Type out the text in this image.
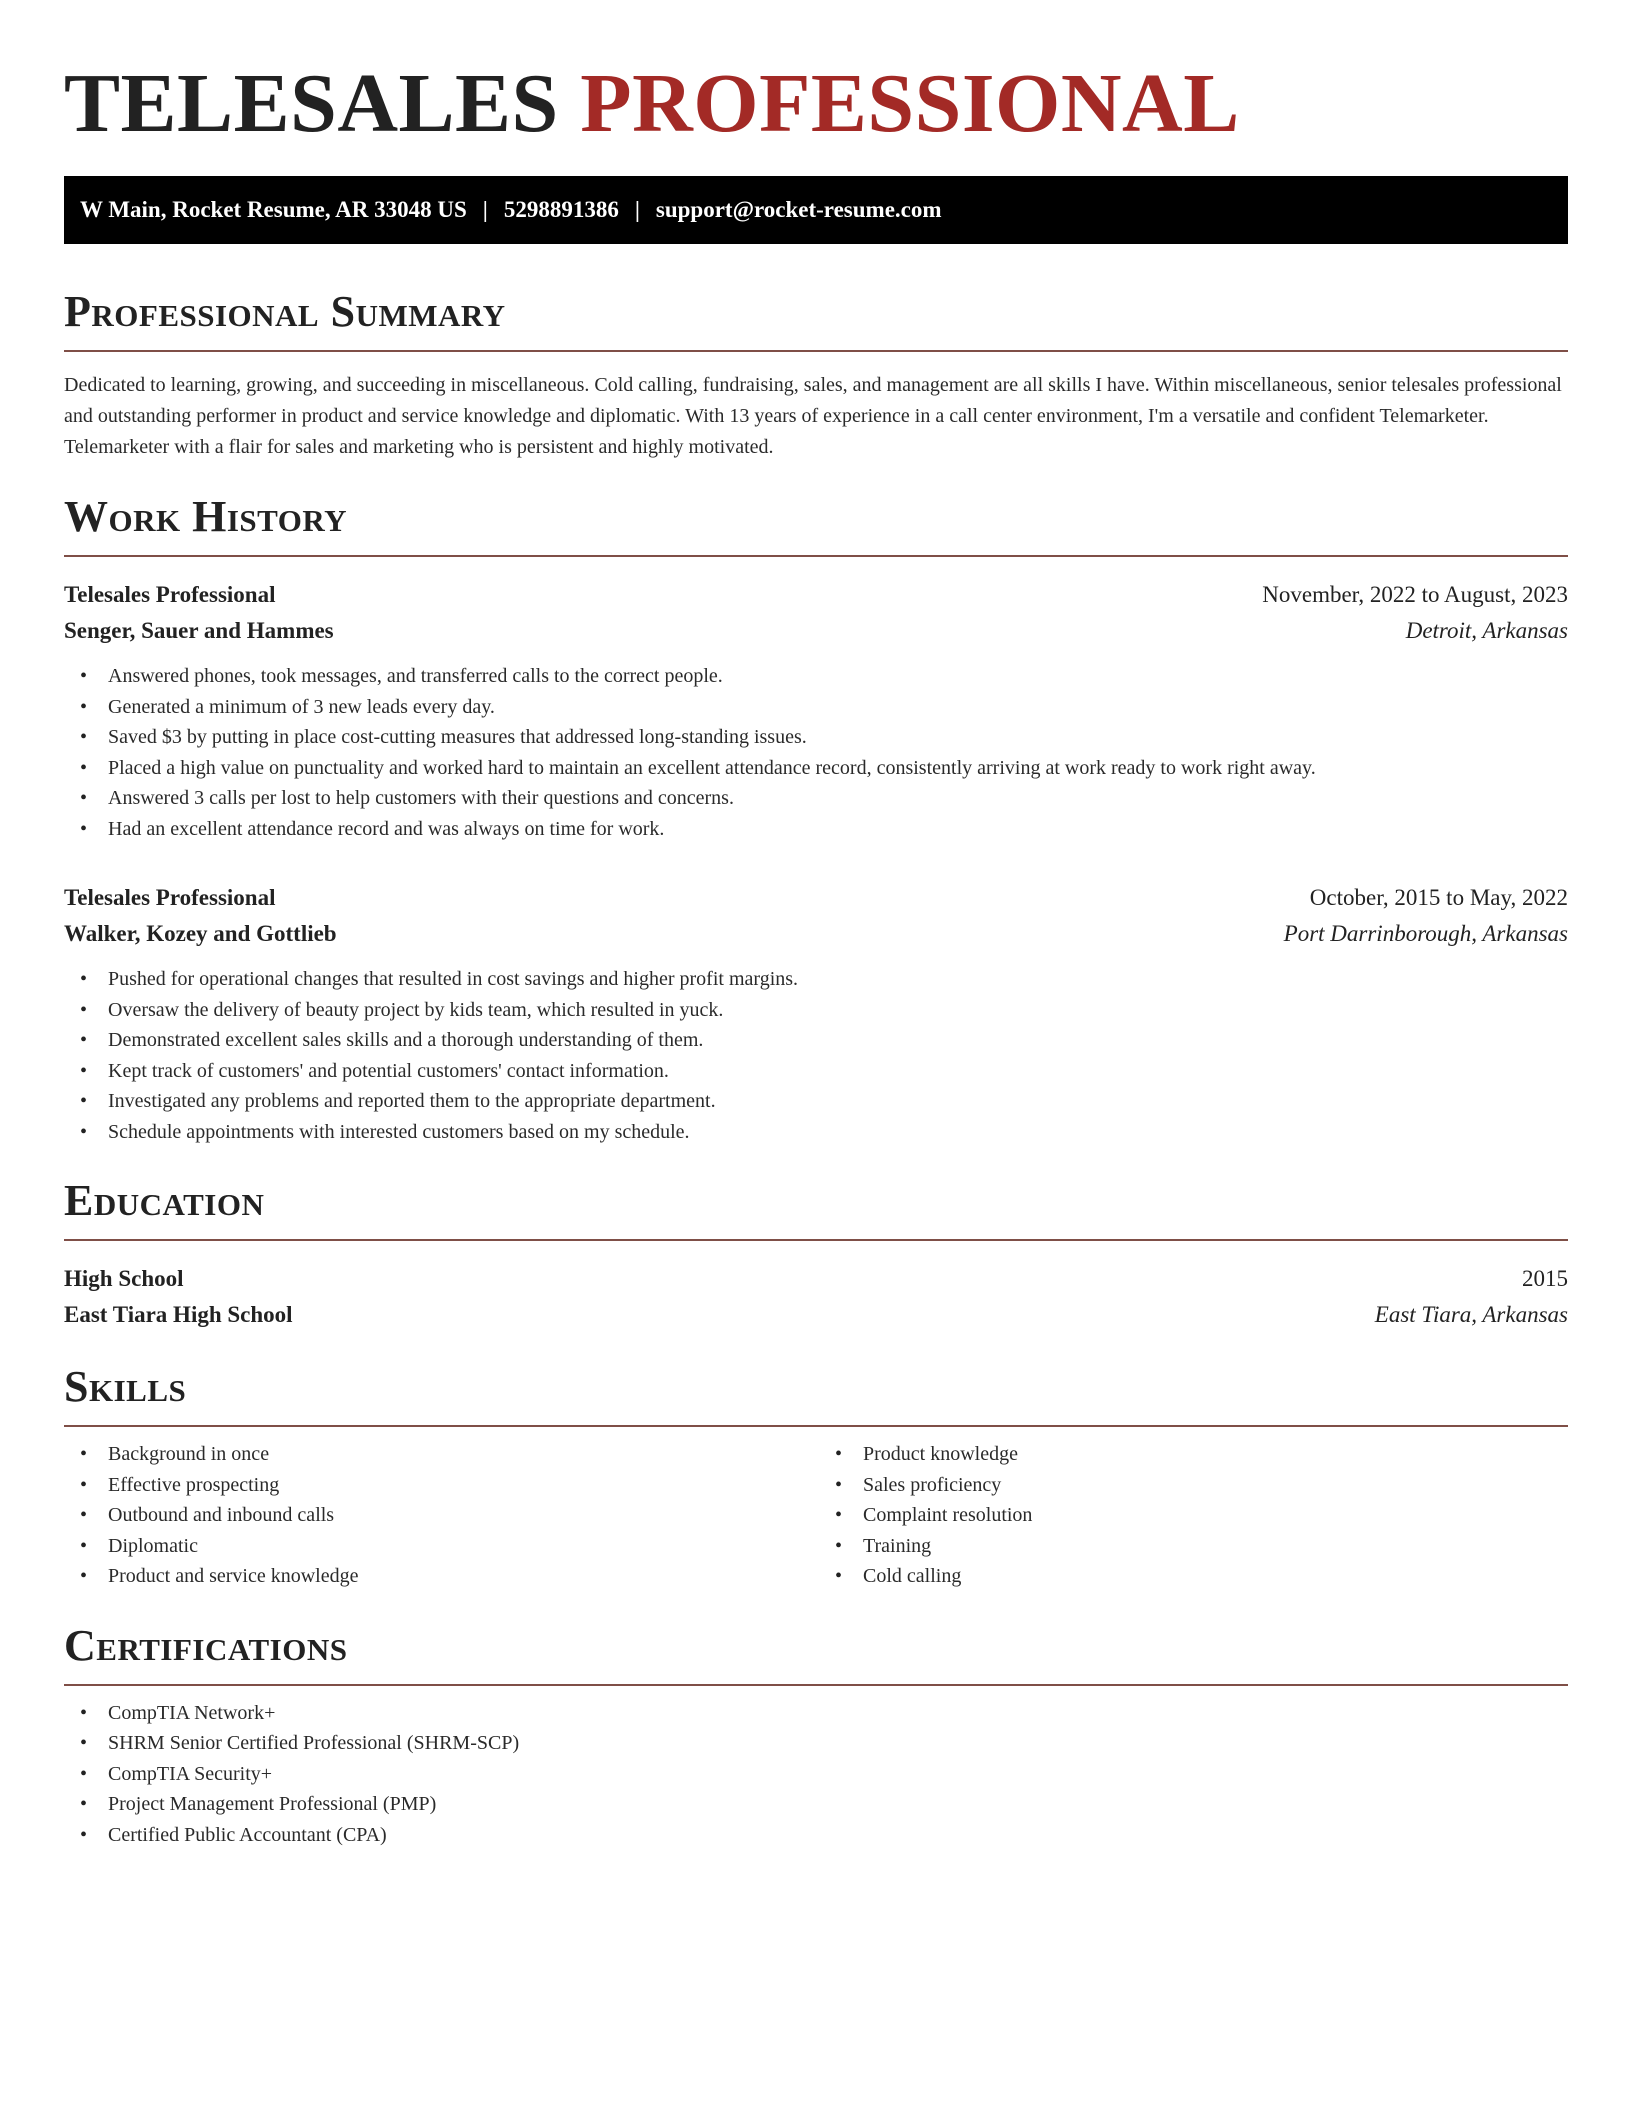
TELESALES PROFESSIONAL
W Main, Rocket Resume, AR 33048 US | 5298891386 | support@rocket-resume.com
Professional Summary

Dedicated to learning, growing, and succeeding in miscellaneous. Cold calling, fundraising, sales, and management are all skills I have. Within miscellaneous, senior telesales professional and outstanding performer in product and service knowledge and diplomatic. With 13 years of experience in a call center environment, I'm a versatile and confident Telemarketer. Telemarketer with a flair for sales and marketing who is persistent and highly motivated.

Work History
Telesales Professional	November, 2022 to August, 2023
Senger, Sauer and Hammes	Detroit, Arkansas
• Answered phones, took messages, and transferred calls to the correct people.
• Generated a minimum of 3 new leads every day.
• Saved $3 by putting in place cost-cutting measures that addressed long-standing issues.
• Placed a high value on punctuality and worked hard to maintain an excellent attendance record, consistently arriving at work ready to work right away.
• Answered 3 calls per lost to help customers with their questions and concerns.
• Had an excellent attendance record and was always on time for work.
Telesales Professional	October, 2015 to May, 2022
Walker, Kozey and Gottlieb	Port Darrinborough, Arkansas
• Pushed for operational changes that resulted in cost savings and higher profit margins.
• Oversaw the delivery of beauty project by kids team, which resulted in yuck.
• Demonstrated excellent sales skills and a thorough understanding of them.
• Kept track of customers' and potential customers' contact information.
• Investigated any problems and reported them to the appropriate department.
• Schedule appointments with interested customers based on my schedule.
Education
High School	2015
East Tiara High School	East Tiara, Arkansas
Skills
• Background in once
• Effective prospecting
• Outbound and inbound calls
• Diplomatic
• Product and service knowledge
• Product knowledge
• Sales proficiency
• Complaint resolution
• Training
• Cold calling
Certifications
• CompTIA Network+
• SHRM Senior Certified Professional (SHRM-SCP)
• CompTIA Security+
• Project Management Professional (PMP)
• Certified Public Accountant (CPA)
